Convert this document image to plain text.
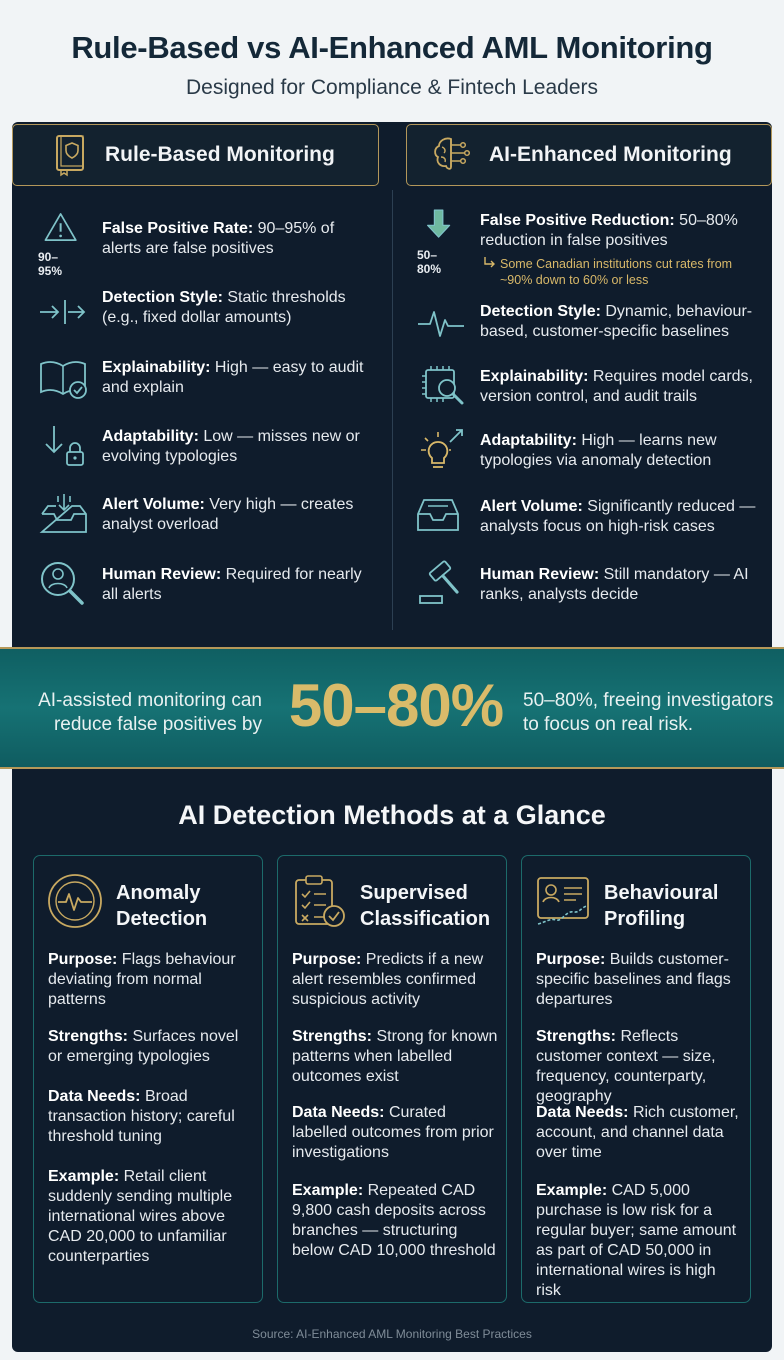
Rule-Based vs AI-Enhanced AML Monitoring
Designed for Compliance & Fintech Leaders
Rule-Based Monitoring	AI-Enhanced Monitoring
90–95%
False Positive Rate: 90–95% of alerts are false positives
Detection Style: Static thresholds (e.g., fixed dollar amounts)
Explainability: High — easy to audit and explain
Adaptability: Low — misses new or evolving typologies
Alert Volume: Very high — creates analyst overload
Human Review: Required for nearly all alerts
50–80%
False Positive Reduction: 50–80% reduction in false positives
Some Canadian institutions cut rates from ~90% down to 60% or less
Detection Style: Dynamic, behaviour-based, customer-specific baselines
Explainability: Requires model cards, version control, and audit trails
Adaptability: High — learns new typologies via anomaly detection
Alert Volume: Significantly reduced — analysts focus on high-risk cases
Human Review: Still mandatory — AI ranks, analysts decide
AI-assisted monitoring can reduce false positives by 50–80%	50–80%, freeing investigators to focus on real risk.
AI Detection Methods at a Glance
Anomaly Detection
Purpose: Flags behaviour deviating from normal patterns
Strengths: Surfaces novel or emerging typologies
Data Needs: Broad transaction history; careful threshold tuning
Example: Retail client suddenly sending multiple international wires above CAD 20,000 to unfamiliar counterparties
Supervised Classification
Purpose: Predicts if a new alert resembles confirmed suspicious activity
Strengths: Strong for known patterns when labelled outcomes exist
Data Needs: Curated labelled outcomes from prior investigations
Example: Repeated CAD 9,800 cash deposits across branches — structuring below CAD 10,000 threshold
Behavioural Profiling
Purpose: Builds customer-specific baselines and flags departures
Strengths: Reflects customer context — size, frequency, counterparty, geography
Data Needs: Rich customer, account, and channel data over time
Example: CAD 5,000 purchase is low risk for a regular buyer; same amount as part of CAD 50,000 in international wires is high risk
Source: AI-Enhanced AML Monitoring Best Practices
